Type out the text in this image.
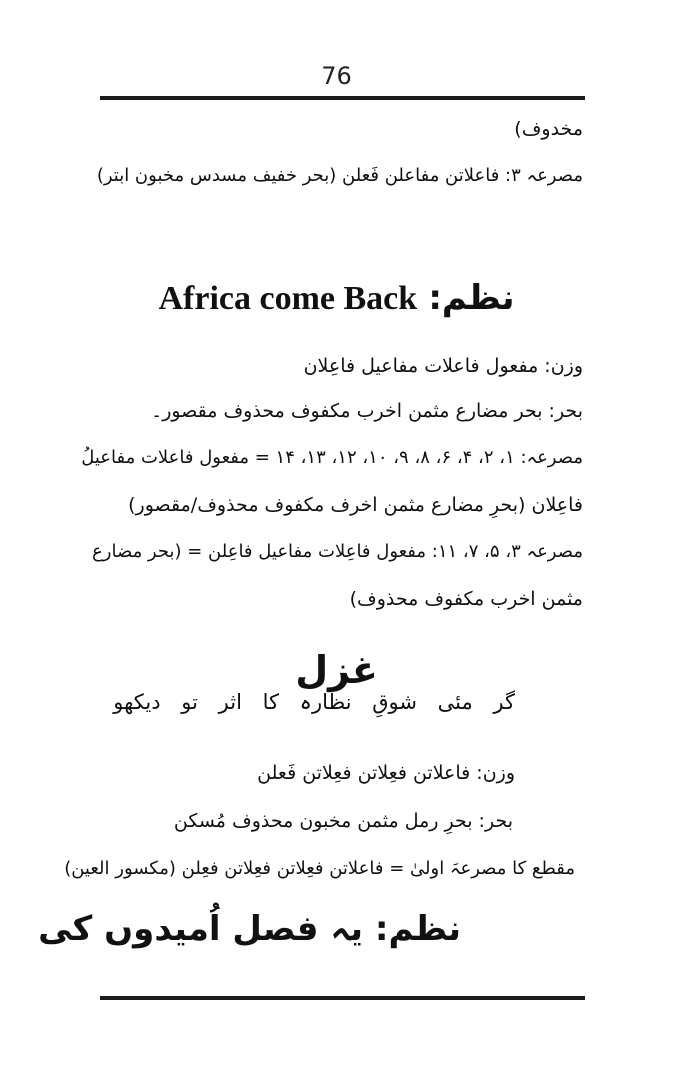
76
مخدوف)
مصرعہ ۳: فاعلاتن مفاعلن فَعلن (بحر خفیف مسدس مخبون ابتر)
Africa come Back نظم:
وزن: مفعول فاعلات مفاعیل فاعِلان
بحر: بحر مضارع مثمن اخرب مکفوف محذوف مقصور۔
مصرعہ: ۱، ۲، ۴، ۶، ۸، ۹، ۱۰، ۱۲، ۱۳، ۱۴ = مفعول فاعلات مفاعیلُ
فاعِلان (بحرِ مضارع مثمن اخرف مکفوف محذوف/مقصور)
مصرعہ ۳، ۵، ۷، ۱۱: مفعول فاعِلات مفاعیل فاعِلن = (بحر مضارع
مثمن اخرب مکفوف محذوف)
غزل
گر مئی شوقِ نظارہ کا اثر تو دیکھو
وزن: فاعلاتن فعِلاتن فعِلاتن فَعلن
بحر: بحرِ رمل مثمن مخبون محذوف مُسکن
مقطع کا مصرعہَ اولیٰ = فاعلاتن فعِلاتن فعِلاتن فعِلن (مکسور العین)
نظم: یہ فصل اُمیدوں کی
